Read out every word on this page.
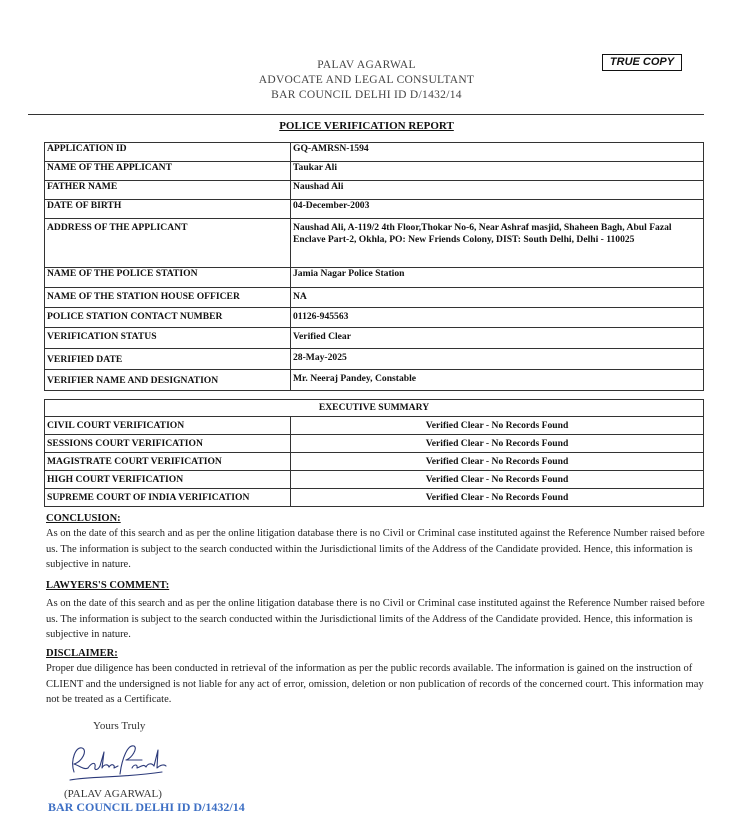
PALAV AGARWAL
ADVOCATE AND LEGAL CONSULTANT
BAR COUNCIL DELHI ID D/1432/14
TRUE COPY
POLICE VERIFICATION REPORT
APPLICATION ID	GQ-AMRSN-1594
NAME OF THE APPLICANT	Taukar Ali
FATHER NAME	Naushad Ali
DATE OF BIRTH	04-December-2003
ADDRESS OF THE APPLICANT	Naushad Ali, A-119/2 4th Floor,Thokar No-6, Near Ashraf masjid, Shaheen Bagh, Abul Fazal Enclave Part-2, Okhla, PO: New Friends Colony, DIST: South Delhi, Delhi - 110025
NAME OF THE POLICE STATION	Jamia Nagar Police Station
NAME OF THE STATION HOUSE OFFICER	NA
POLICE STATION CONTACT NUMBER	01126-945563
VERIFICATION STATUS	Verified Clear
VERIFIED DATE	28-May-2025
VERIFIER NAME AND DESIGNATION	Mr. Neeraj Pandey, Constable
EXECUTIVE SUMMARY	
CIVIL COURT VERIFICATION	Verified Clear - No Records Found
SESSIONS COURT VERIFICATION	Verified Clear - No Records Found
MAGISTRATE COURT VERIFICATION	Verified Clear - No Records Found
HIGH COURT VERIFICATION	Verified Clear - No Records Found
SUPREME COURT OF INDIA VERIFICATION	Verified Clear - No Records Found
CONCLUSION:
As on the date of this search and as per the online litigation database there is no Civil or Criminal case instituted against the Reference Number raised before us. The information is subject to the search conducted within the Jurisdictional limits of the Address of the Candidate provided. Hence, this information is subjective in nature.
LAWYERS'S COMMENT:
As on the date of this search and as per the online litigation database there is no Civil or Criminal case instituted against the Reference Number raised before us. The information is subject to the search conducted within the Jurisdictional limits of the Address of the Candidate provided. Hence, this information is subjective in nature.
DISCLAIMER:
Proper due diligence has been conducted in retrieval of the information as per the public records available. The information is gained on the instruction of CLIENT and the undersigned is not liable for any act of error, omission, deletion or non publication of records of the concerned court. This information may not be treated as a Certificate.
Yours Truly
(PALAV AGARWAL)
BAR COUNCIL DELHI ID D/1432/14
